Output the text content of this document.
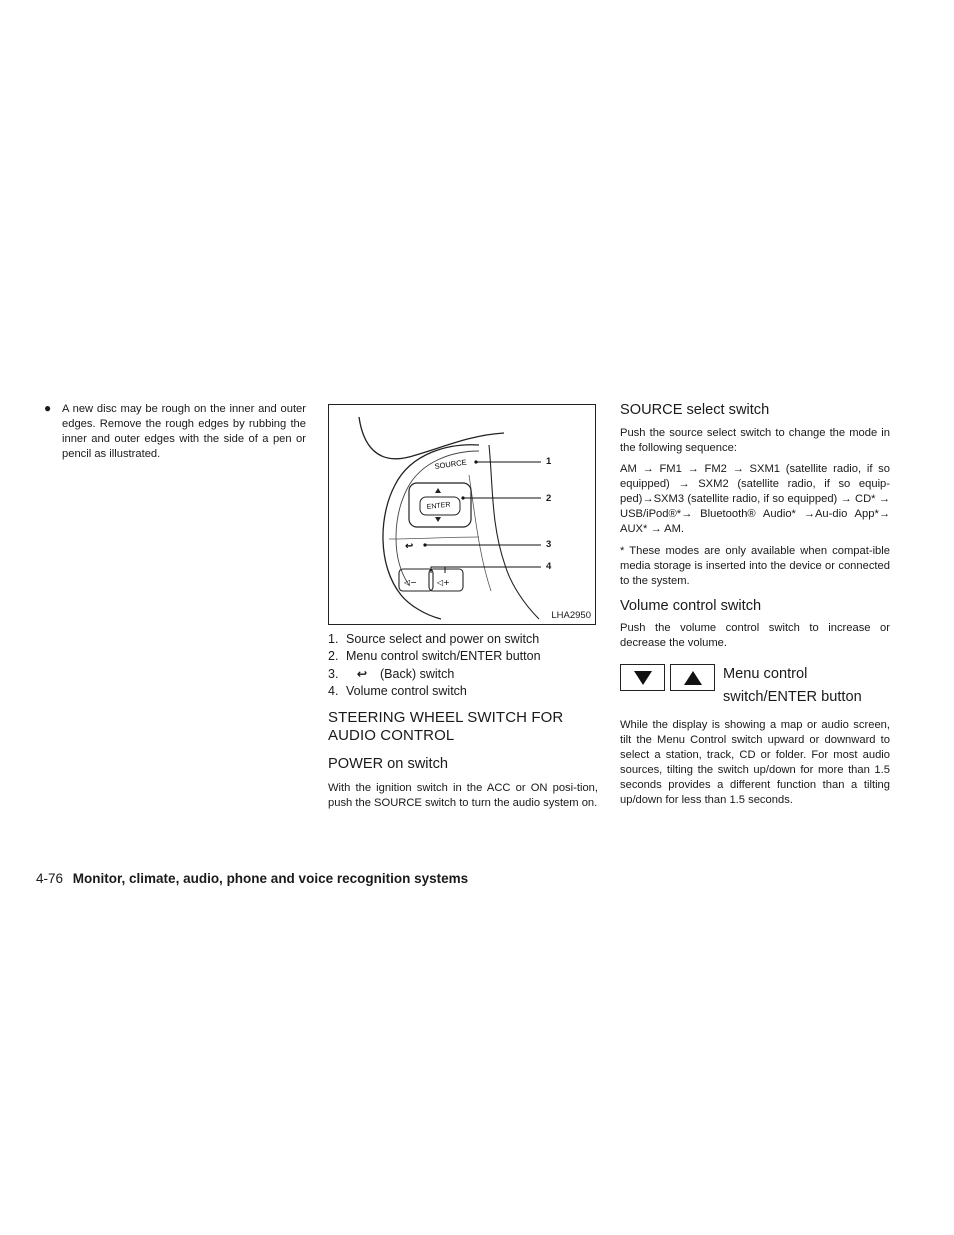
● A new disc may be rough on the inner and outer edges. Remove the rough edges by rubbing the inner and outer edges with the side of a pen or pencil as illustrated.
SOURCE
ENTER
↩
◁−	◁+
1
2
3
4
LHA2950
1. Source select and power on switch
2. Menu control switch/ENTER button
3.	↩ (Back) switch
4. Volume control switch
STEERING WHEEL SWITCH FOR AUDIO CONTROL
POWER on switch

With the ignition switch in the ACC or ON posi-tion, push the SOURCE switch to turn the audio system on.

SOURCE select switch

Push the source select switch to change the mode in the following sequence:

AM → FM1 → FM2 → SXM1 (satellite radio, if so equipped) → SXM2 (satellite radio, if so equip-ped)→SXM3 (satellite radio, if so equipped) → CD* → USB/iPod®*→ Bluetooth® Audio* →Au-dio App*→ AUX* → AM.

* These modes are only available when compat-ible media storage is inserted into the device or connected to the system.

Volume control switch

Push the volume control switch to increase or decrease the volume.

Menu control
switch/ENTER button

While the display is showing a map or audio screen, tilt the Menu Control switch upward or downward to select a station, track, CD or folder. For most audio sources, tilting the switch up/down for more than 1.5 seconds provides a different function than a tilting up/down for less than 1.5 seconds.

4-76 Monitor, climate, audio, phone and voice recognition systems
